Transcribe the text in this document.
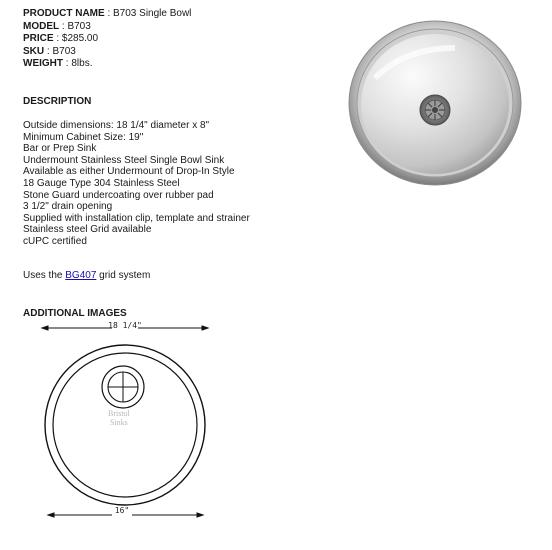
PRODUCT NAME : B703 Single Bowl
MODEL : B703
PRICE : $285.00
SKU : B703
WEIGHT : 8lbs.
DESCRIPTION
Outside dimensions: 18 1/4" diameter x 8"
Minimum Cabinet Size: 19"
Bar or Prep Sink
Undermount Stainless Steel Single Bowl Sink
Available as either Undermount of Drop-In Style
18 Gauge Type 304 Stainless Steel
Stone Guard undercoating over rubber pad
3 1/2" drain opening
Supplied with installation clip, template and strainer
Stainless steel Grid available
cUPC certified
Uses the BG407 grid system
ADDITIONAL IMAGES
18 1/4"
16"
Bristol
Sinks
